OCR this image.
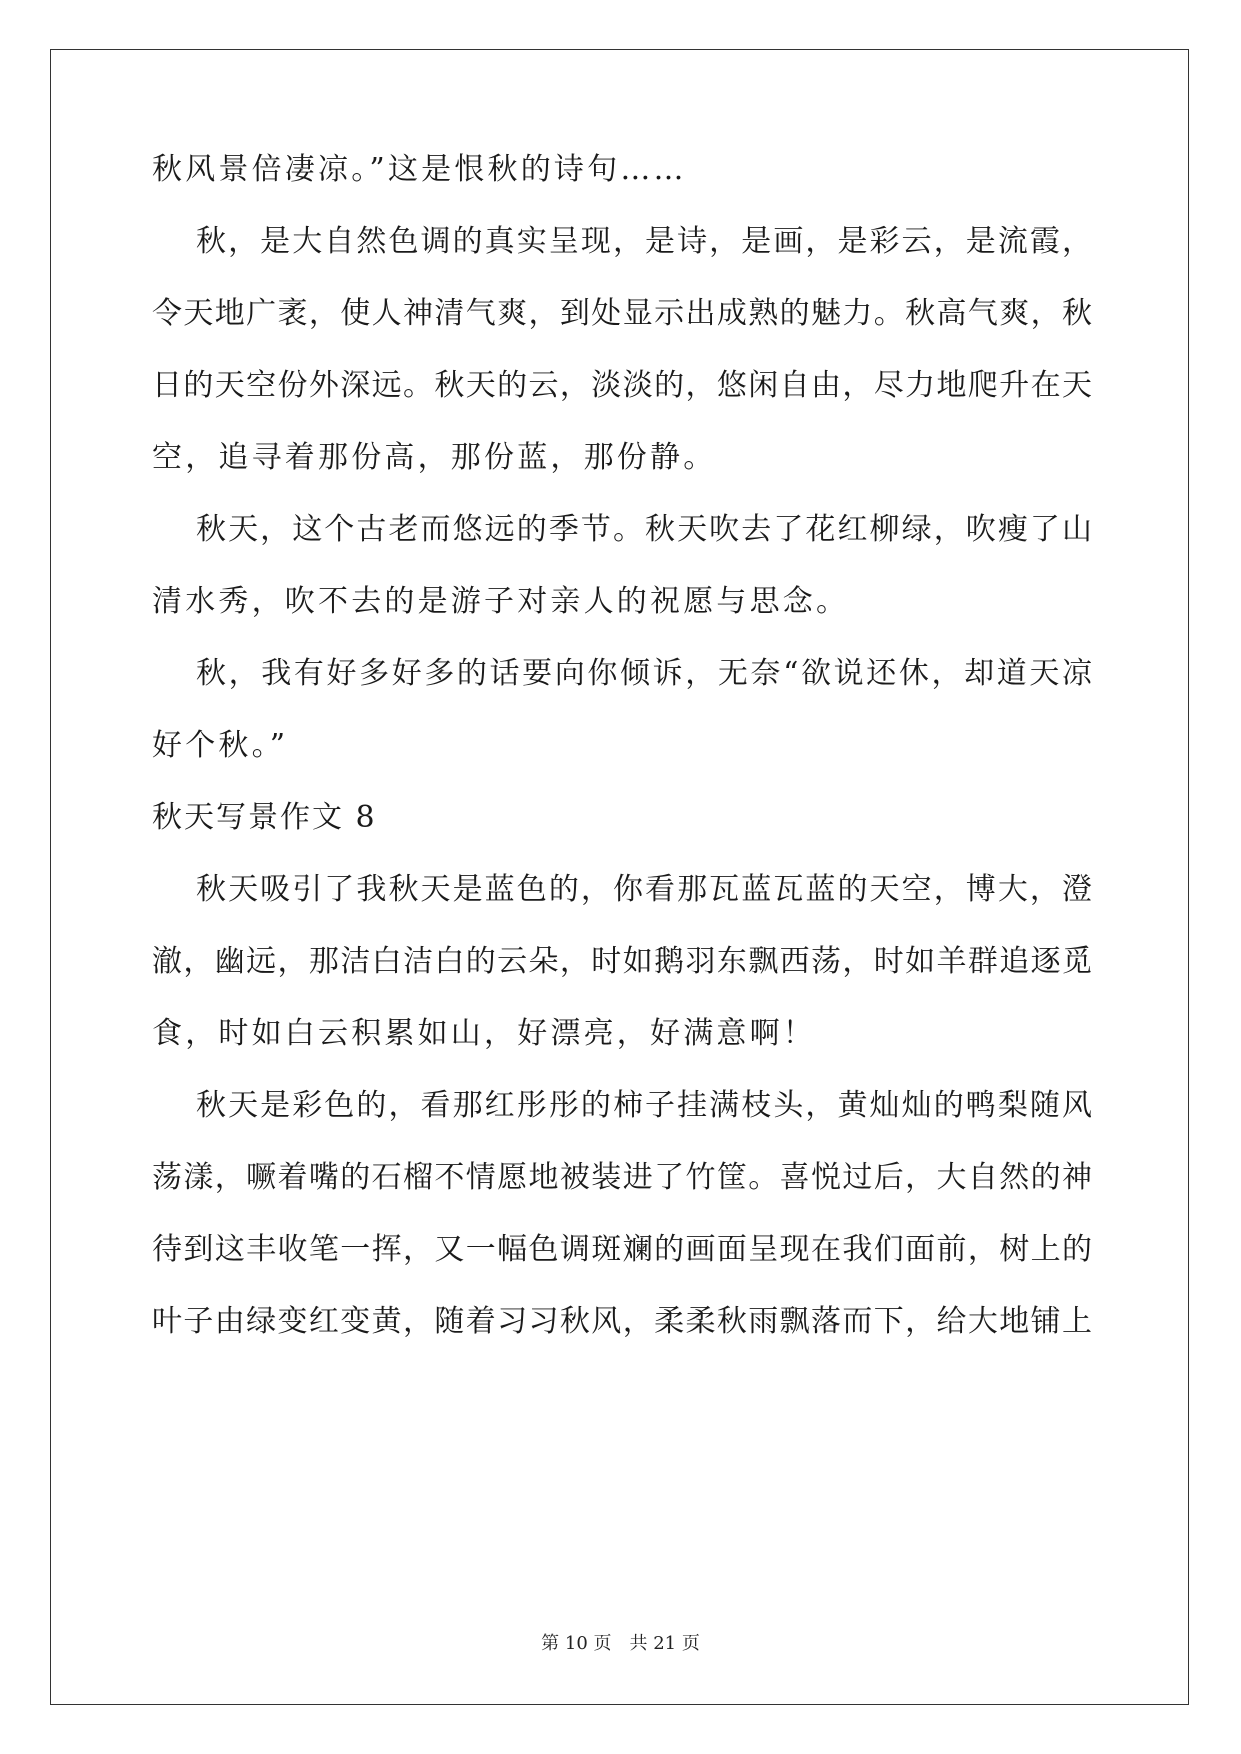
秋风景倍凄凉。”这是恨秋的诗句……
秋，是大自然色调的真实呈现，是诗，是画，是彩云，是流霞，
令天地广袤，使人神清气爽，到处显示出成熟的魅力。秋高气爽，秋
日的天空份外深远。秋天的云，淡淡的，悠闲自由，尽力地爬升在天
空，追寻着那份高，那份蓝，那份静。
秋天，这个古老而悠远的季节。秋天吹去了花红柳绿，吹瘦了山
清水秀，吹不去的是游子对亲人的祝愿与思念。
秋，我有好多好多的话要向你倾诉，无奈“欲说还休，却道天凉
好个秋。”
秋天写景作文 8
秋天吸引了我秋天是蓝色的，你看那瓦蓝瓦蓝的天空，博大，澄
澈，幽远，那洁白洁白的云朵，时如鹅羽东飘西荡，时如羊群追逐觅
食，时如白云积累如山，好漂亮，好满意啊！
秋天是彩色的，看那红彤彤的柿子挂满枝头，黄灿灿的鸭梨随风
荡漾，噘着嘴的石榴不情愿地被装进了竹筐。喜悦过后，大自然的神
待到这丰收笔一挥，又一幅色调斑斓的画面呈现在我们面前，树上的
叶子由绿变红变黄，随着习习秋风，柔柔秋雨飘落而下，给大地铺上
第 10 页　共 21 页
